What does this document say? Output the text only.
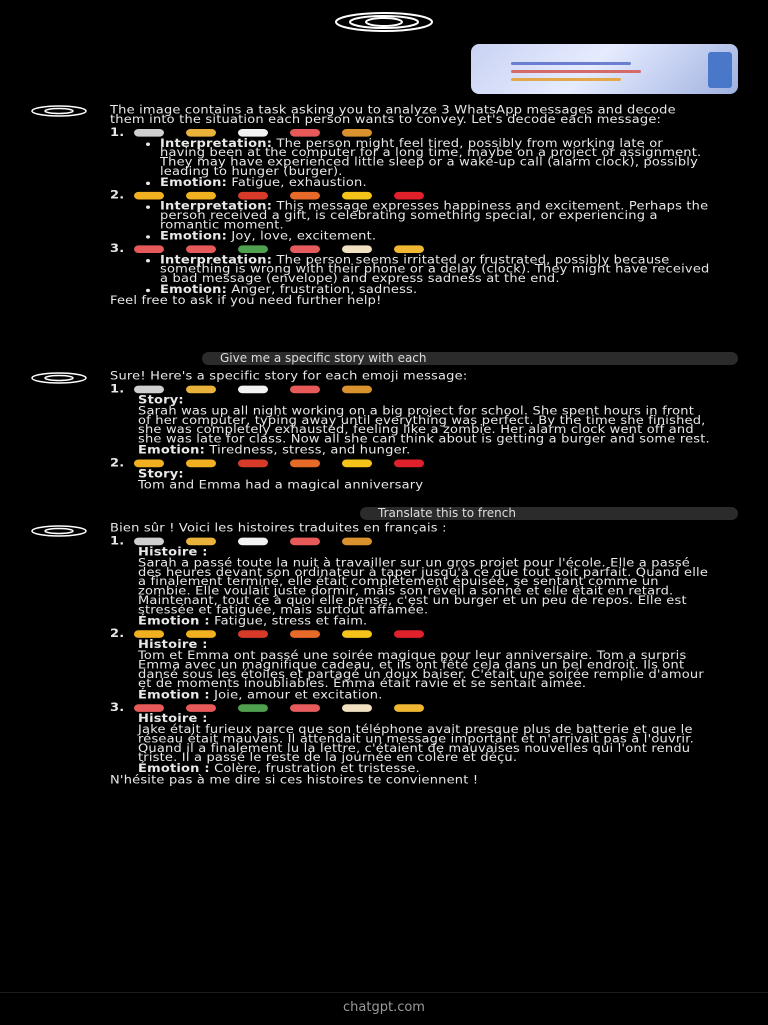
The image contains a task asking you to analyze 3 WhatsApp messages and decode them into the situation each person wants to convey. Let's decode each message:

1.
• Interpretation: The person might feel tired, possibly from working late or having been at the computer for a long time, maybe on a project or assignment. They may have experienced little sleep or a wake-up call (alarm clock), possibly leading to hunger (burger).
• Emotion: Fatigue, exhaustion.
2.
• Interpretation: This message expresses happiness and excitement. Perhaps the person received a gift, is celebrating something special, or experiencing a romantic moment.
• Emotion: Joy, love, excitement.
3.
• Interpretation: The person seems irritated or frustrated, possibly because something is wrong with their phone or a delay (clock). They might have received a bad message (envelope) and express sadness at the end.
• Emotion: Anger, frustration, sadness.

Feel free to ask if you need further help!

Give me a specific story with each

Sure! Here's a specific story for each emoji message:

1.

Story:

Sarah was up all night working on a big project for school. She spent hours in front of her computer, typing away until everything was perfect. By the time she finished, she was completely exhausted, feeling like a zombie. Her alarm clock went off and she was late for class. Now all she can think about is getting a burger and some rest.

Emotion: Tiredness, stress, and hunger.

2.

Story:

Tom and Emma had a magical anniversary

Translate this to french

Bien sûr ! Voici les histoires traduites en français :

1.

Histoire :

Sarah a passé toute la nuit à travailler sur un gros projet pour l'école. Elle a passé des heures devant son ordinateur à taper jusqu'à ce que tout soit parfait. Quand elle a finalement terminé, elle était complètement épuisée, se sentant comme un zombie. Elle voulait juste dormir, mais son réveil a sonné et elle était en retard. Maintenant, tout ce à quoi elle pense, c'est un burger et un peu de repos. Elle est stressée et fatiguée, mais surtout affamée.

Émotion : Fatigue, stress et faim.

2.

Histoire :

Tom et Emma ont passé une soirée magique pour leur anniversaire. Tom a surpris Emma avec un magnifique cadeau, et ils ont fêté cela dans un bel endroit. Ils ont dansé sous les étoiles et partagé un doux baiser. C'était une soirée remplie d'amour et de moments inoubliables. Emma était ravie et se sentait aimée.

Émotion : Joie, amour et excitation.

3.

Histoire :

Jake était furieux parce que son téléphone avait presque plus de batterie et que le réseau était mauvais. Il attendait un message important et n'arrivait pas à l'ouvrir. Quand il a finalement lu la lettre, c'étaient de mauvaises nouvelles qui l'ont rendu triste. Il a passé le reste de la journée en colère et déçu.

Émotion : Colère, frustration et tristesse.

N'hésite pas à me dire si ces histoires te conviennent !

chatgpt.com
